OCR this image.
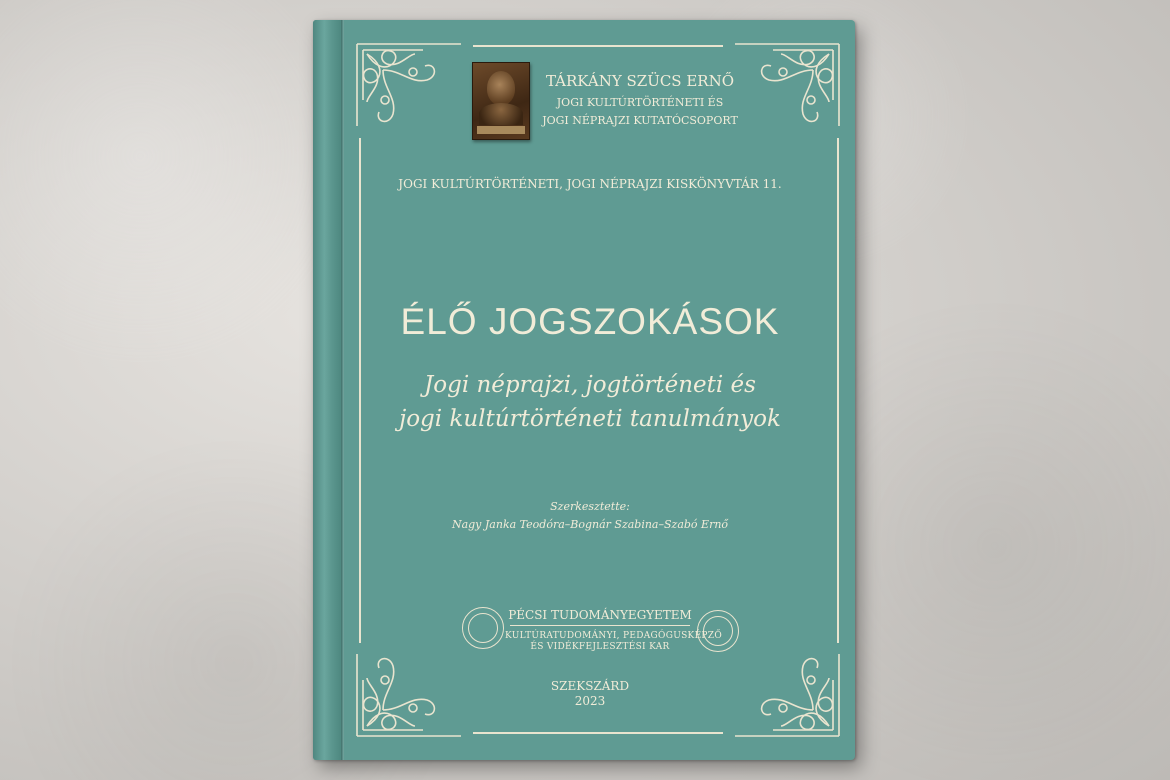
TÁRKÁNY SZÜCS ERNŐ
JOGI KULTÚRTÖRTÉNETI ÉS
JOGI NÉPRAJZI KUTATÓCSOPORT
JOGI KULTÚRTÖRTÉNETI, JOGI NÉPRAJZI KISKÖNYVTÁR 11.
ÉLŐ JOGSZOKÁSOK
Jogi néprajzi, jogtörténeti és
jogi kultúrtörténeti tanulmányok
Szerkesztette:
Nagy Janka Teodóra–Bognár Szabina–Szabó Ernő
PÉCSI TUDOMÁNYEGYETEM
KULTÚRATUDOMÁNYI, PEDAGÓGUSKÉPZŐ
ÉS VIDÉKFEJLESZTÉSI KAR
SZEKSZÁRD
2023
